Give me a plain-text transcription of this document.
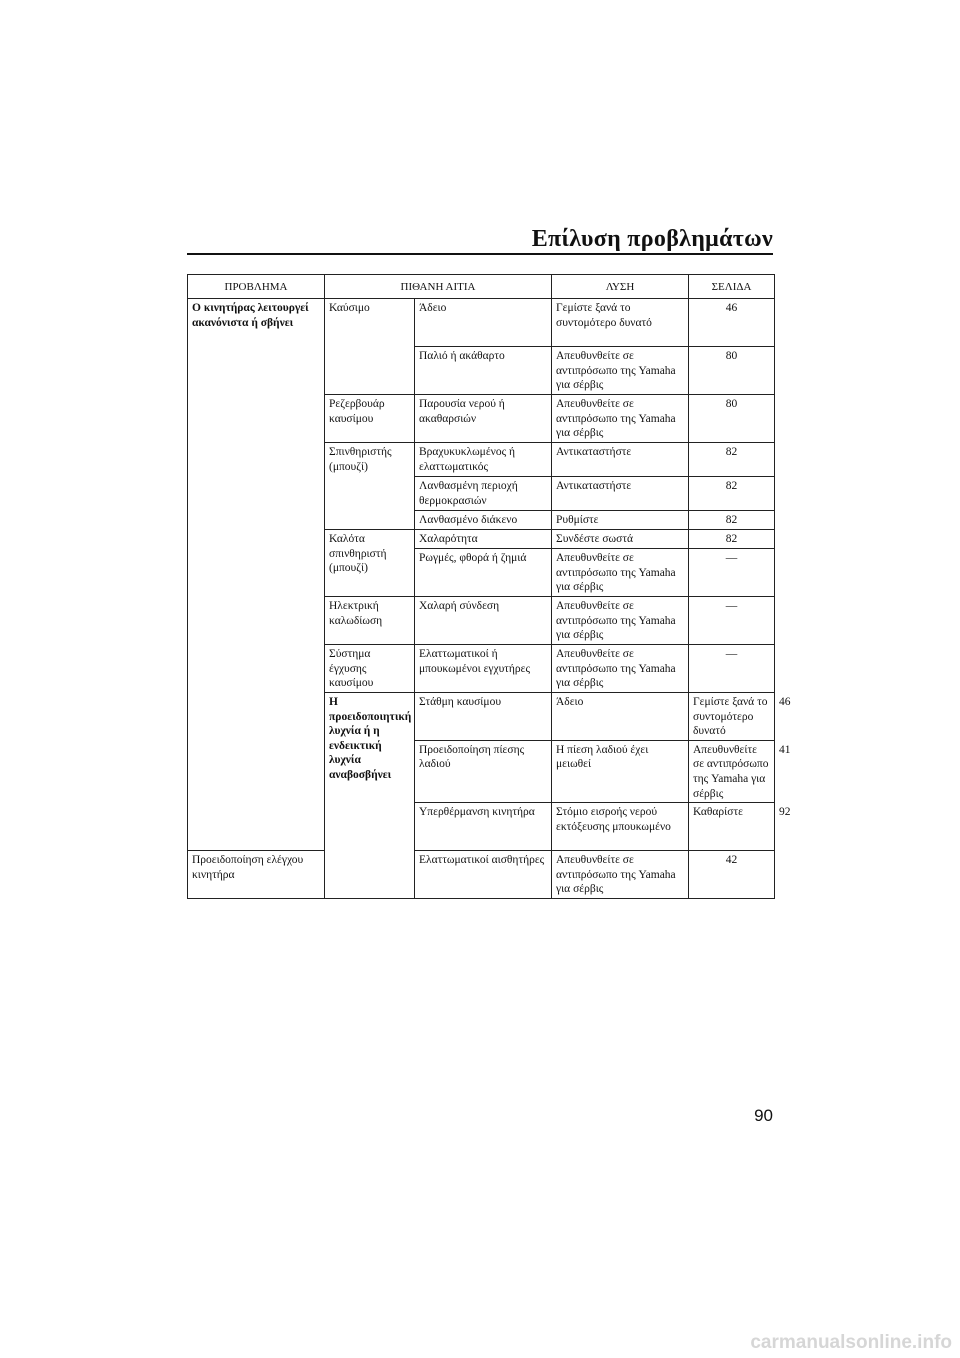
Επίλυση προβλημάτων
ΠΡΟΒΛΗΜΑ	ΠΙΘΑΝΗ ΑΙΤΙΑ		ΛΥΣΗ	ΣΕΛΙΔΑ	
Ο κινητήρας λειτουργεί ακανόνιστα ή σβήνει	Καύσιμο	Άδειο	Γεμίστε ξανά το συντομότερο δυνατό	46	
		Παλιό ή ακάθαρτο	Απευθυνθείτε σε αντιπρόσωπο της Yamaha για σέρβις	80	
	Ρεζερβουάρ καυσίμου	Παρουσία νερού ή ακαθαρσιών	Απευθυνθείτε σε αντιπρόσωπο της Yamaha για σέρβις	80	
	Σπινθηριστής (μπουζί)	Βραχυκυκλωμένος ή ελαττωματικός	Αντικαταστήστε	82	
		Λανθασμένη περιοχή θερμοκρασιών	Αντικαταστήστε	82	
		Λανθασμένο διάκενο	Ρυθμίστε	82	
	Καλότα σπινθηριστή (μπουζί)	Χαλαρότητα	Συνδέστε σωστά	82	
		Ρωγμές, φθορά ή ζημιά	Απευθυνθείτε σε αντιπρόσωπο της Yamaha για σέρβις	—	
	Ηλεκτρική καλωδίωση	Χαλαρή σύνδεση	Απευθυνθείτε σε αντιπρόσωπο της Yamaha για σέρβις	—	
	Σύστημα έγχυσης καυσίμου	Ελαττωματικοί ή μπουκωμένοι εγχυτήρες	Απευθυνθείτε σε αντιπρόσωπο της Yamaha για σέρβις	—	
	Η προειδοποιητική λυχνία ή η ενδεικτική λυχνία αναβοσβήνει	Στάθμη καυσίμου	Άδειο	Γεμίστε ξανά το συντομότερο δυνατό	46
		Προειδοποίηση πίεσης λαδιού	Η πίεση λαδιού έχει μειωθεί	Απευθυνθείτε σε αντιπρόσωπο της Yamaha για σέρβις	41
		Υπερθέρμανση κινητήρα	Στόμιο εισροής νερού εκτόξευσης μπουκωμένο	Καθαρίστε	92
Προειδοποίηση ελέγχου κινητήρα		Ελαττωματικοί αισθητήρες	Απευθυνθείτε σε αντιπρόσωπο της Yamaha για σέρβις	42	
90
carmanualsonline.info
